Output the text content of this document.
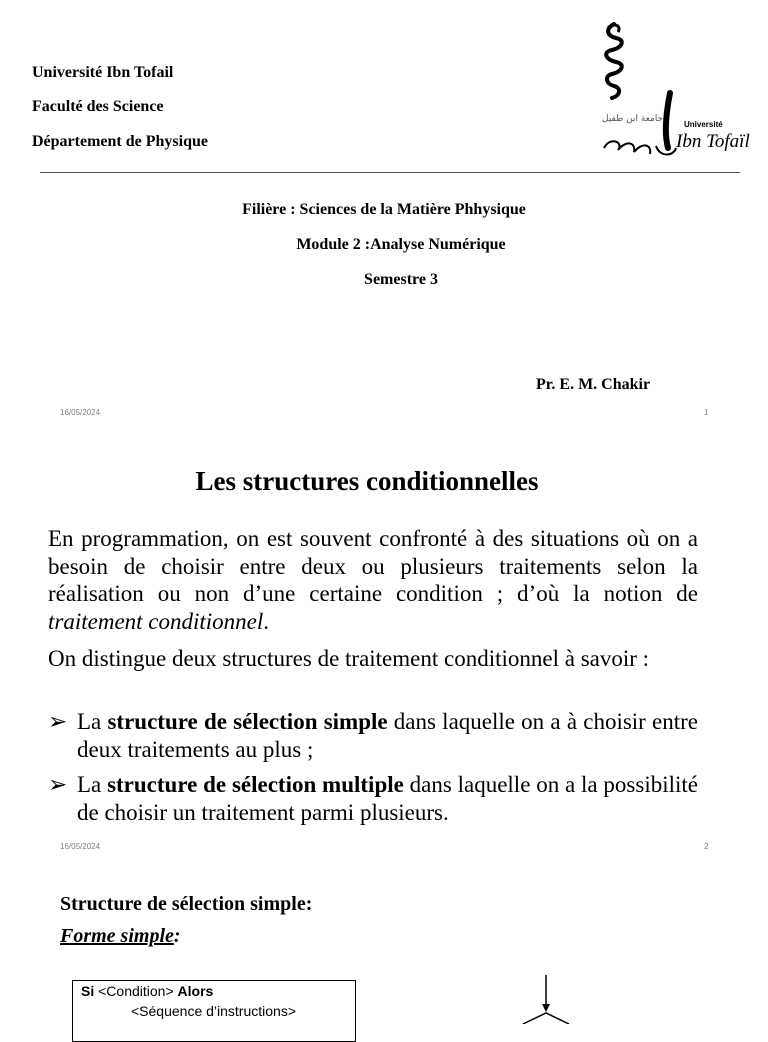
Université Ibn Tofail
Faculté des Science
Département de Physique
Université
Ibn Tofaïl
جامعة ابن طفيل
Filière : Sciences de la Matière Phhysique
Module 2 :Analyse Numérique
Semestre 3
Pr. E. M. Chakir
16/05/2024	1
Les structures conditionnelles
En programmation, on est souvent confronté à des situations où on a besoin de choisir entre deux ou plusieurs traitements selon la réalisation ou non d’une certaine condition ; d’où la notion de traitement conditionnel.
On distingue deux structures de traitement conditionnel à savoir :
➢ La structure de sélection simple dans laquelle on a à choisir entre deux traitements au plus ;
➢ La structure de sélection multiple dans laquelle on a la possibilité de choisir un traitement parmi plusieurs.
16/05/2024	2
Structure de sélection simple:
Forme simple:
Si <Condition> Alors
<Séquence d’instructions>
